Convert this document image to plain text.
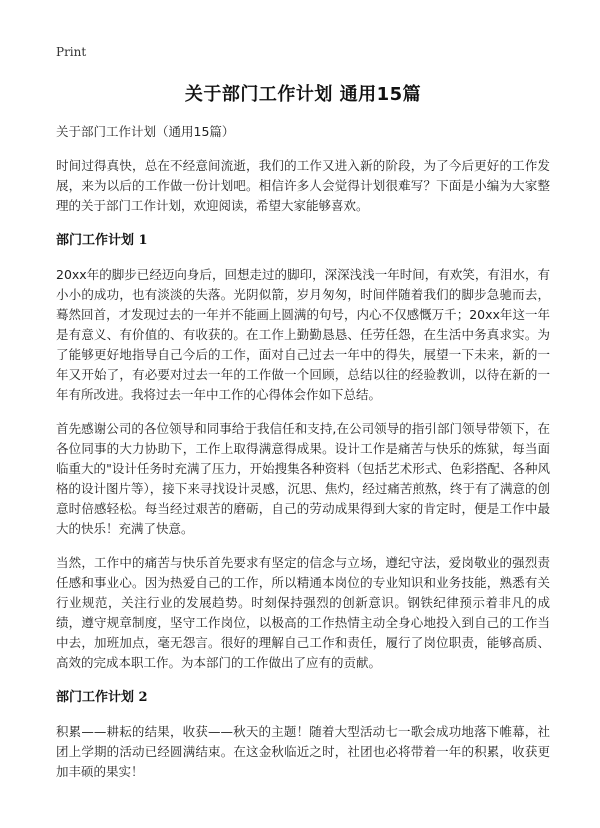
Print
关于部门工作计划 通用15篇

关于部门工作计划（通用15篇）

时间过得真快，总在不经意间流逝，我们的工作又进入新的阶段，为了今后更好的工作发展，来为以后的工作做一份计划吧。相信许多人会觉得计划很难写？下面是小编为大家整理的关于部门工作计划，欢迎阅读，希望大家能够喜欢。

部门工作计划 1

20xx年的脚步已经迈向身后，回想走过的脚印，深深浅浅一年时间，有欢笑，有泪水，有小小的成功，也有淡淡的失落。光阴似箭，岁月匆匆，时间伴随着我们的脚步急驰而去，蓦然回首，才发现过去的一年并不能画上圆满的句号，内心不仅感慨万千；20xx年这一年是有意义、有价值的、有收获的。在工作上勤勤恳恳、任劳任怨，在生活中务真求实。为了能够更好地指导自己今后的工作，面对自己过去一年中的得失，展望一下未来，新的一年又开始了，有必要对过去一年的工作做一个回顾，总结以往的经验教训，以待在新的一年有所改进。我将过去一年中工作的心得体会作如下总结。

首先感谢公司的各位领导和同事给于我信任和支持,在公司领导的指引部门领导带领下，在各位同事的大力协助下，工作上取得满意得成果。设计工作是痛苦与快乐的炼狱，每当面临重大的"设计任务时充满了压力，开始搜集各种资料（包括艺术形式、色彩搭配、各种风格的设计图片等），接下来寻找设计灵感，沉思、焦灼，经过痛苦煎熬，终于有了满意的创意时倍感轻松。每当经过艰苦的磨砺，自己的劳动成果得到大家的肯定时，便是工作中最大的快乐！充满了快意。

当然，工作中的痛苦与快乐首先要求有坚定的信念与立场，遵纪守法，爱岗敬业的强烈责任感和事业心。因为热爱自己的工作，所以精通本岗位的专业知识和业务技能，熟悉有关行业规范，关注行业的发展趋势。时刻保持强烈的创新意识。钢铁纪律预示着非凡的成绩，遵守规章制度，坚守工作岗位，以极高的工作热情主动全身心地投入到自己的工作当中去，加班加点，毫无怨言。很好的理解自己工作和责任，履行了岗位职责，能够高质、高效的完成本职工作。为本部门的工作做出了应有的贡献。

部门工作计划 2

积累——耕耘的结果，收获——秋天的主题！随着大型活动七一歌会成功地落下帷幕，社团上学期的活动已经圆满结束。在这金秋临近之时，社团也必将带着一年的积累，收获更加丰硕的果实！
